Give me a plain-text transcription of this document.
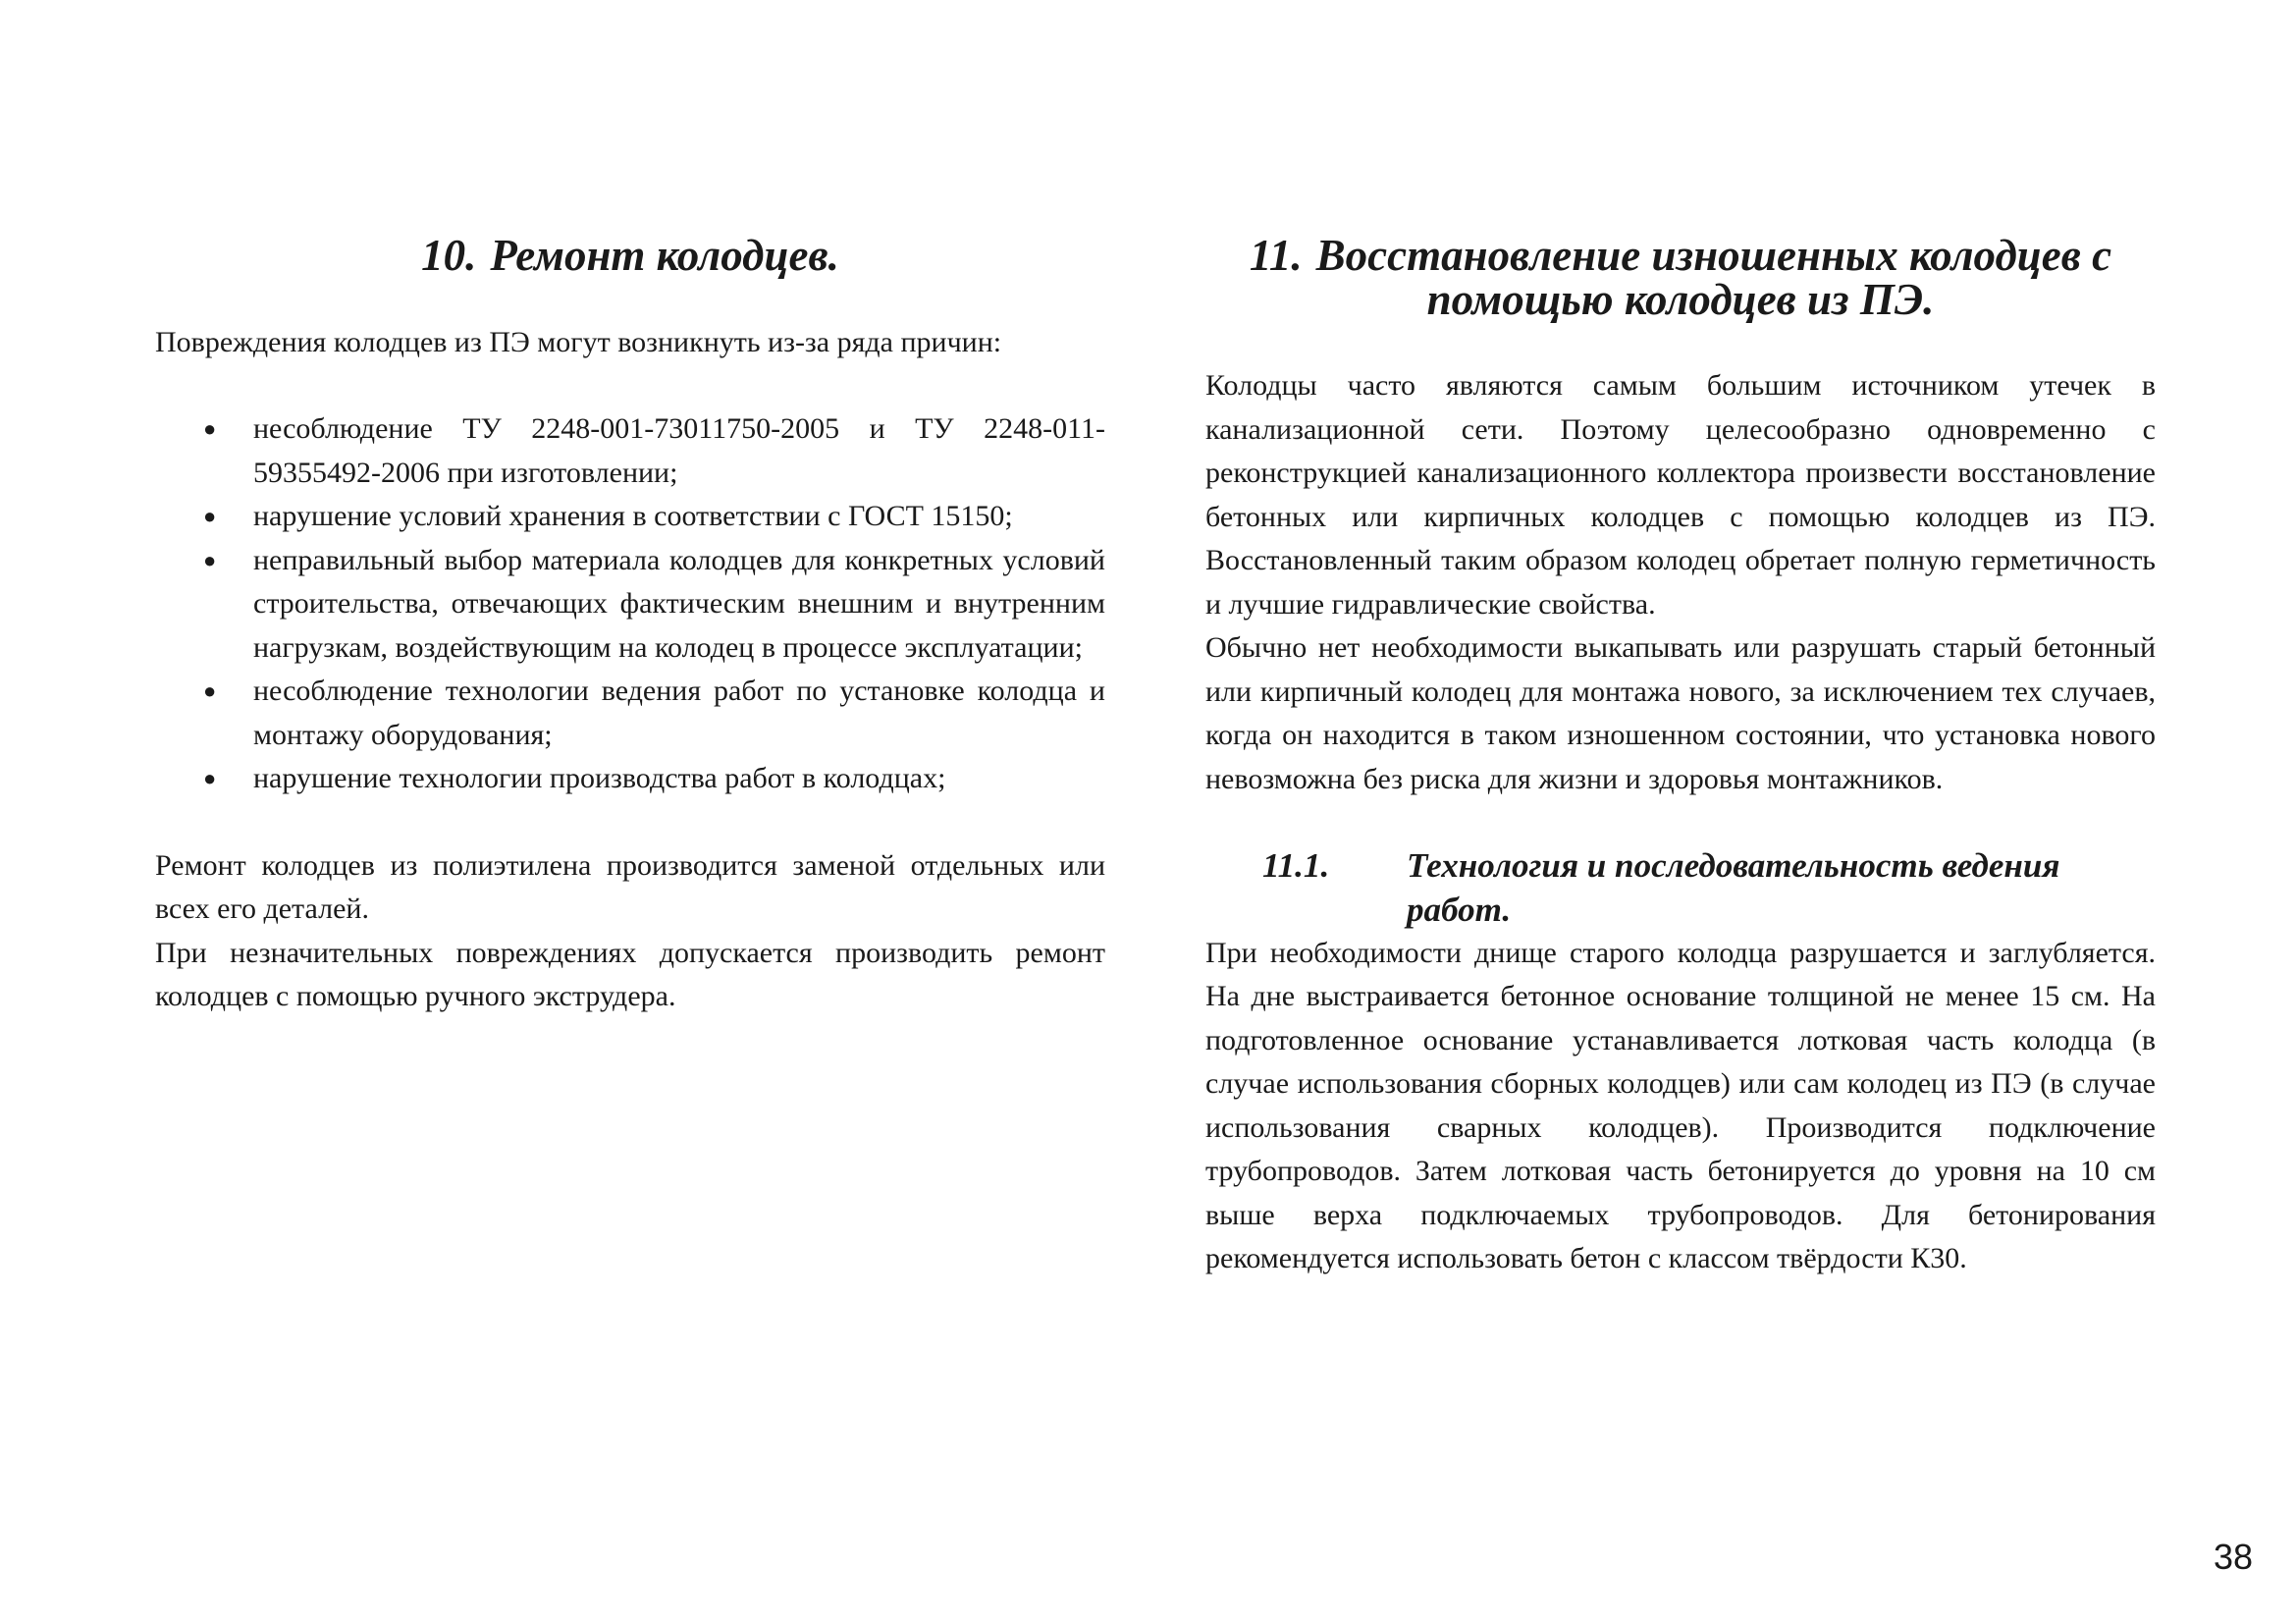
10. Ремонт колодцев.

Повреждения колодцев из ПЭ могут возникнуть из-за ряда причин:

● несоблюдение ТУ 2248-001-73011750-2005 и ТУ 2248-011-59355492-2006 при изготовлении;
● нарушение условий хранения в соответствии с ГОСТ 15150;
● неправильный выбор материала колодцев для конкретных условий строительства, отвечающих фактическим внешним и внутренним нагрузкам, воздействующим на колодец в процессе эксплуатации;
● несоблюдение технологии ведения работ по установке колодца и монтажу оборудования;
● нарушение технологии производства работ в колодцах;

Ремонт колодцев из полиэтилена производится заменой отдельных или всех его деталей.

При незначительных повреждениях допускается производить ремонт колодцев с помощью ручного экструдера.

11. Восстановление изношенных колодцев с
помощью колодцев из ПЭ.

Колодцы часто являются самым большим источником утечек в канализационной сети. Поэтому целесообразно одновременно с реконструкцией канализационного коллектора произвести восстановление бетонных или кирпичных колодцев с помощью колодцев из ПЭ. Восстановленный таким образом колодец обретает полную герметичность и лучшие гидравлические свойства.

Обычно нет необходимости выкапывать или разрушать старый бетонный или кирпичный колодец для монтажа нового, за исключением тех случаев, когда он находится в таком изношенном состоянии, что установка нового невозможна без риска для жизни и здоровья монтажников.

11.1. Технология и последовательность ведения работ.

При необходимости днище старого колодца разрушается и заглубляется. На дне выстраивается бетонное основание толщиной не менее 15 см. На подготовленное основание устанавливается лотковая часть колодца (в случае использования сборных колодцев) или сам колодец из ПЭ (в случае использования сварных колодцев). Производится подключение трубопроводов. Затем лотковая часть бетонируется до уровня на 10 см выше верха подключаемых трубопроводов. Для бетонирования рекомендуется использовать бетон с классом твёрдости К30.

38
